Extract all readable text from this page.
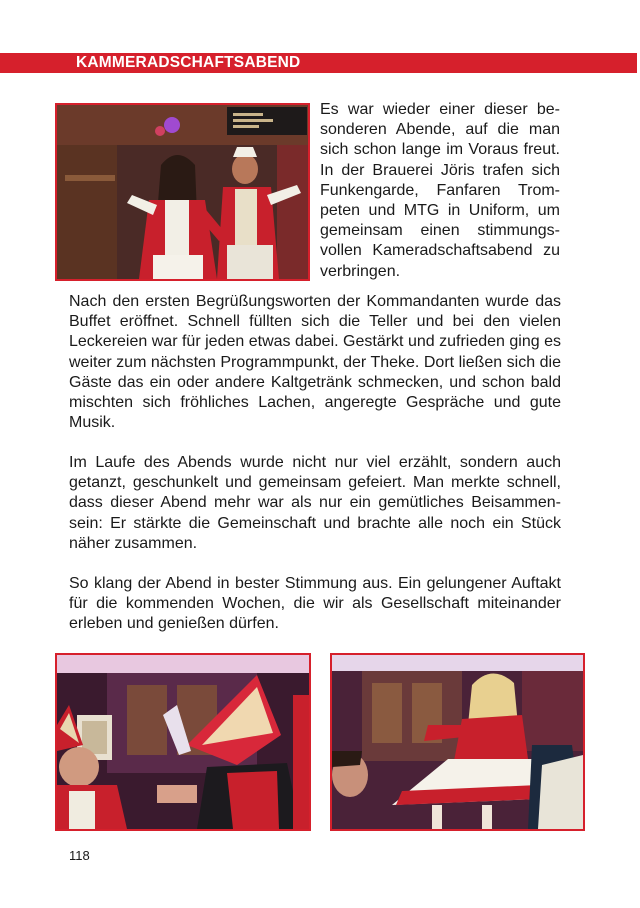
KAMMERADSCHAFTSABEND
Es war wieder einer dieser besonderen Abende, auf die man sich schon lange im Voraus freut. In der Brauerei Jöris trafen sich Funkengarde, Fanfaren Trompeten und MTG in Uniform, um gemeinsam einen stimmungsvollen Kameradschaftsabend zu verbringen.
Nach den ersten Begrüßungsworten der Kommandanten wurde das Buffet eröffnet. Schnell füllten sich die Teller und bei den vielen Leckereien war für jeden etwas dabei. Gestärkt und zufrieden ging es weiter zum nächsten Programmpunkt, der Theke. Dort ließen sich die Gäste das ein oder andere Kaltgetränk schmecken, und schon bald mischten sich fröhliches Lachen, angeregte Gespräche und gute Musik.
Im Laufe des Abends wurde nicht nur viel erzählt, sondern auch getanzt, geschunkelt und gemeinsam gefeiert. Man merkte schnell, dass dieser Abend mehr war als nur ein gemütliches Beisammensein: Er stärkte die Gemeinschaft und brachte alle noch ein Stück näher zusammen.
So klang der Abend in bester Stimmung aus. Ein gelungener Auftakt für die kommenden Wochen, die wir als Gesellschaft miteinander erleben und genießen dürfen.
118
